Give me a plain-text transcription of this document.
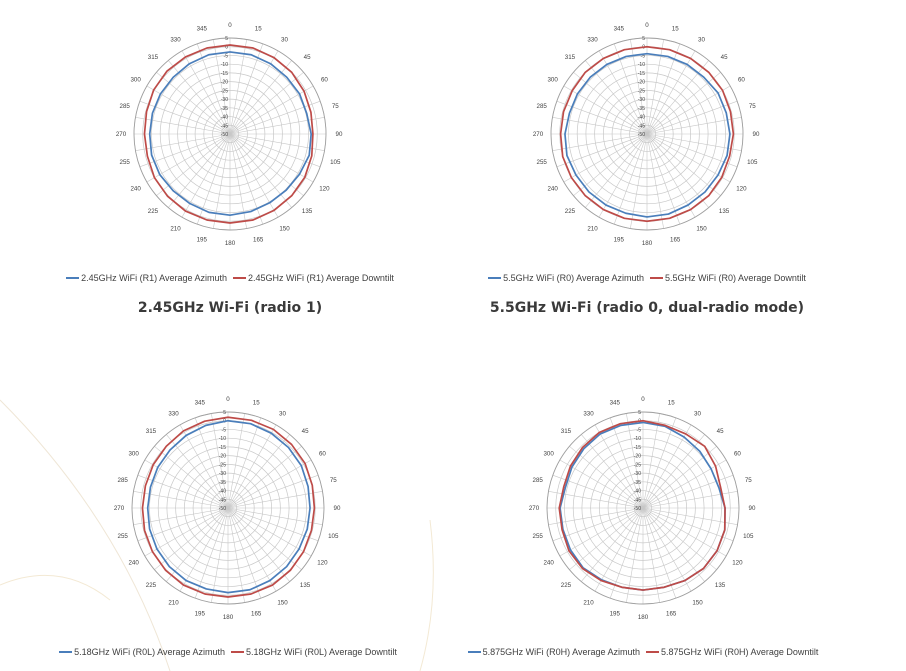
5
0
-5
-10
-15
-20
-25
-30
-35
-40
-45
-50
0
15
30
45
60
75
90
105
120
135
150
165
180
195
210
225
240
255
270
285
300
315
330
345
2.45GHz WiFi (R1) Average Azimuth 2.45GHz WiFi (R1) Average Downtilt
2.45GHz Wi-Fi (radio 1)
5
0
-5
-10
-15
-20
-25
-30
-35
-40
-45
-50
0
15
30
45
60
75
90
105
120
135
150
165
180
195
210
225
240
255
270
285
300
315
330
345
5.5GHz WiFi (R0) Average Azimuth 5.5GHz WiFi (R0) Average Downtilt
5.5GHz Wi-Fi (radio 0, dual-radio mode)
5
0
-5
-10
-15
-20
-25
-30
-35
-40
-45
-50
0
15
30
45
60
75
90
105
120
135
150
165
180
195
210
225
240
255
270
285
300
315
330
345
5.18GHz WiFi (R0L) Average Azimuth 5.18GHz WiFi (R0L) Average Downtilt
5
0
-5
-10
-15
-20
-25
-30
-35
-40
-45
-50
0
15
30
45
60
75
90
105
120
135
150
165
180
195
210
225
240
255
270
285
300
315
330
345
5.875GHz WiFi (R0H) Average Azimuth 5.875GHz WiFi (R0H) Average Downtilt
